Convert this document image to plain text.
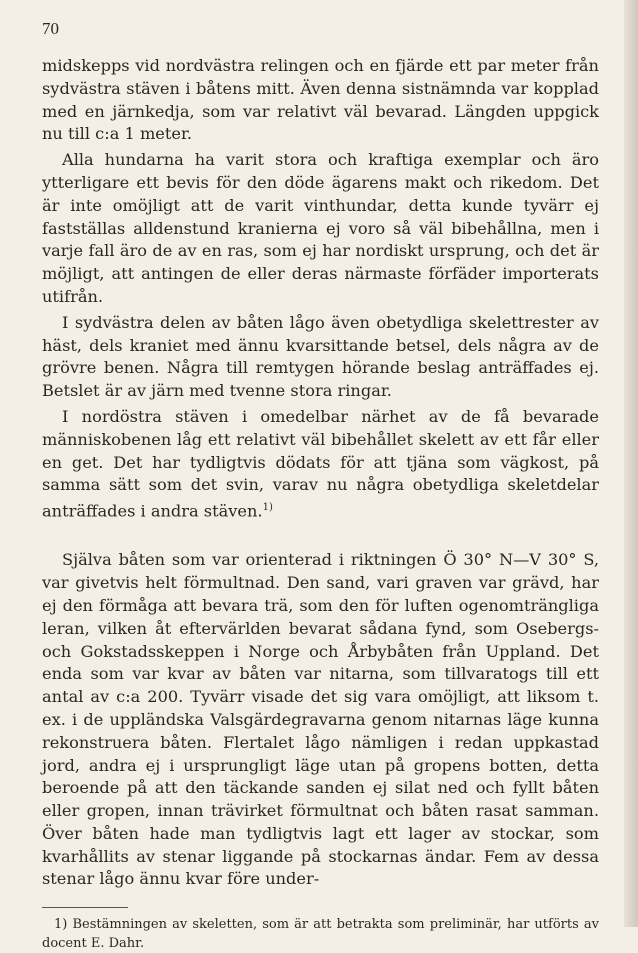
70

midskepps vid nordvästra relingen och en fjärde ett par meter från sydvästra stäven i båtens mitt. Även denna sistnämnda var kopplad med en järnkedja, som var relativt väl bevarad. Längden uppgick nu till c:a 1 meter.

Alla hundarna ha varit stora och kraftiga exemplar och äro ytterligare ett bevis för den döde ägarens makt och rikedom. Det är inte omöjligt att de varit vinthundar, detta kunde tyvärr ej fastställas alldenstund kranierna ej voro så väl bibehållna, men i varje fall äro de av en ras, som ej har nordiskt ursprung, och det är möjligt, att antingen de eller deras närmaste förfäder importerats utifrån.

I sydvästra delen av båten lågo även obetydliga skelettrester av häst, dels kraniet med ännu kvarsittande betsel, dels några av de grövre benen. Några till remtygen hörande beslag anträffades ej. Betslet är av järn med tvenne stora ringar.

I nordöstra stäven i omedelbar närhet av de få bevarade människobenen låg ett relativt väl bibehållet skelett av ett får eller en get. Det har tydligtvis dödats för att tjäna som vägkost, på samma sätt som det svin, varav nu några obetydliga skeletdelar anträffades i andra stäven.$^{1)}$

Själva båten som var orienterad i riktningen Ö 30° N—V 30° S, var givetvis helt förmultnad. Den sand, vari graven var grävd, har ej den förmåga att bevara trä, som den för luften ogenomträngliga leran, vilken åt eftervärlden bevarat sådana fynd, som Osebergs- och Gokstadsskeppen i Norge och Årbybåten från Uppland. Det enda som var kvar av båten var nitarna, som tillvaratogs till ett antal av c:a 200. Tyvärr visade det sig vara omöjligt, att liksom t. ex. i de uppländska Valsgärdegravarna genom nitarnas läge kunna rekonstruera båten. Flertalet lågo nämligen i redan uppkastad jord, andra ej i ursprungligt läge utan på gropens botten, detta beroende på att den täckande sanden ej silat ned och fyllt båten eller gropen, innan trävirket förmultnat och båten rasat samman. Över båten hade man tydligtvis lagt ett lager av stockar, som kvarhållits av stenar liggande på stockarnas ändar. Fem av dessa stenar lågo ännu kvar före under-

1) Bestämningen av skeletten, som är att betrakta som preliminär, har utförts av docent E. Dahr.
